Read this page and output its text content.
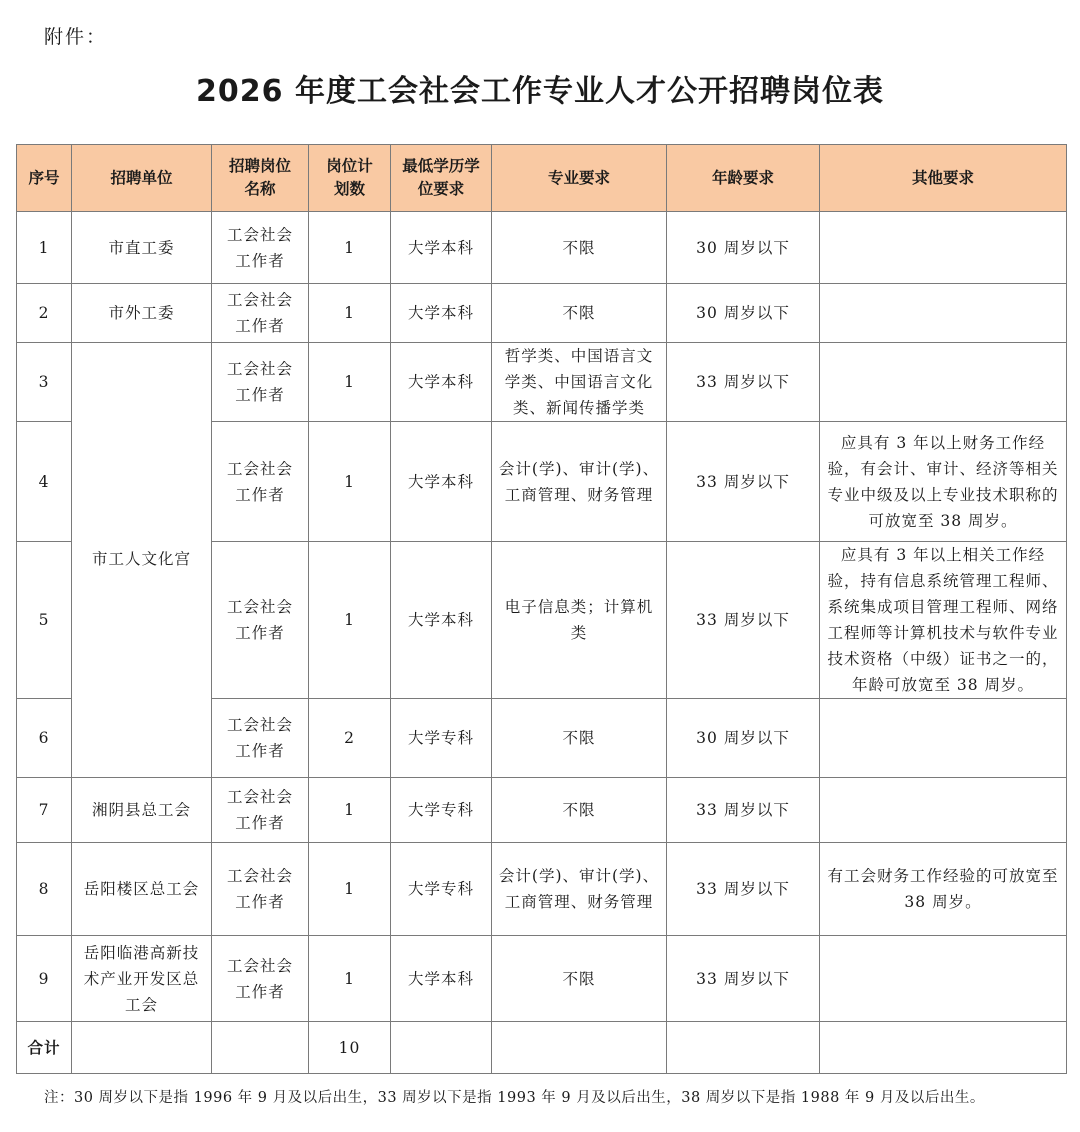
附件：
2026 年度工会社会工作专业人才公开招聘岗位表
序号	招聘单位	招聘岗位名称	岗位计划数	最低学历学位要求	专业要求	年龄要求	其他要求
1	市直工委	工会社会工作者	1	大学本科	不限	30 周岁以下	
2	市外工委	工会社会工作者	1	大学本科	不限	30 周岁以下	
3	市工人文化宫	工会社会工作者	1	大学本科	哲学类、中国语言文学类、中国语言文化类、新闻传播学类	33 周岁以下	
4		工会社会工作者	1	大学本科	会计(学)、审计(学)、工商管理、财务管理	33 周岁以下	应具有 3 年以上财务工作经验，有会计、审计、经济等相关专业中级及以上专业技术职称的可放宽至 38 周岁。
5		工会社会工作者	1	大学本科	电子信息类；计算机类	33 周岁以下	应具有 3 年以上相关工作经验，持有信息系统管理工程师、系统集成项目管理工程师、网络工程师等计算机技术与软件专业技术资格（中级）证书之一的，年龄可放宽至 38 周岁。
6		工会社会工作者	2	大学专科	不限	30 周岁以下	
7	湘阴县总工会	工会社会工作者	1	大学专科	不限	33 周岁以下	
8	岳阳楼区总工会	工会社会工作者	1	大学专科	会计(学)、审计(学)、工商管理、财务管理	33 周岁以下	有工会财务工作经验的可放宽至 38 周岁。
9	岳阳临港高新技术产业开发区总工会	工会社会工作者	1	大学本科	不限	33 周岁以下	
合计			10				
注：30 周岁以下是指 1996 年 9 月及以后出生，33 周岁以下是指 1993 年 9 月及以后出生，38 周岁以下是指 1988 年 9 月及以后出生。
